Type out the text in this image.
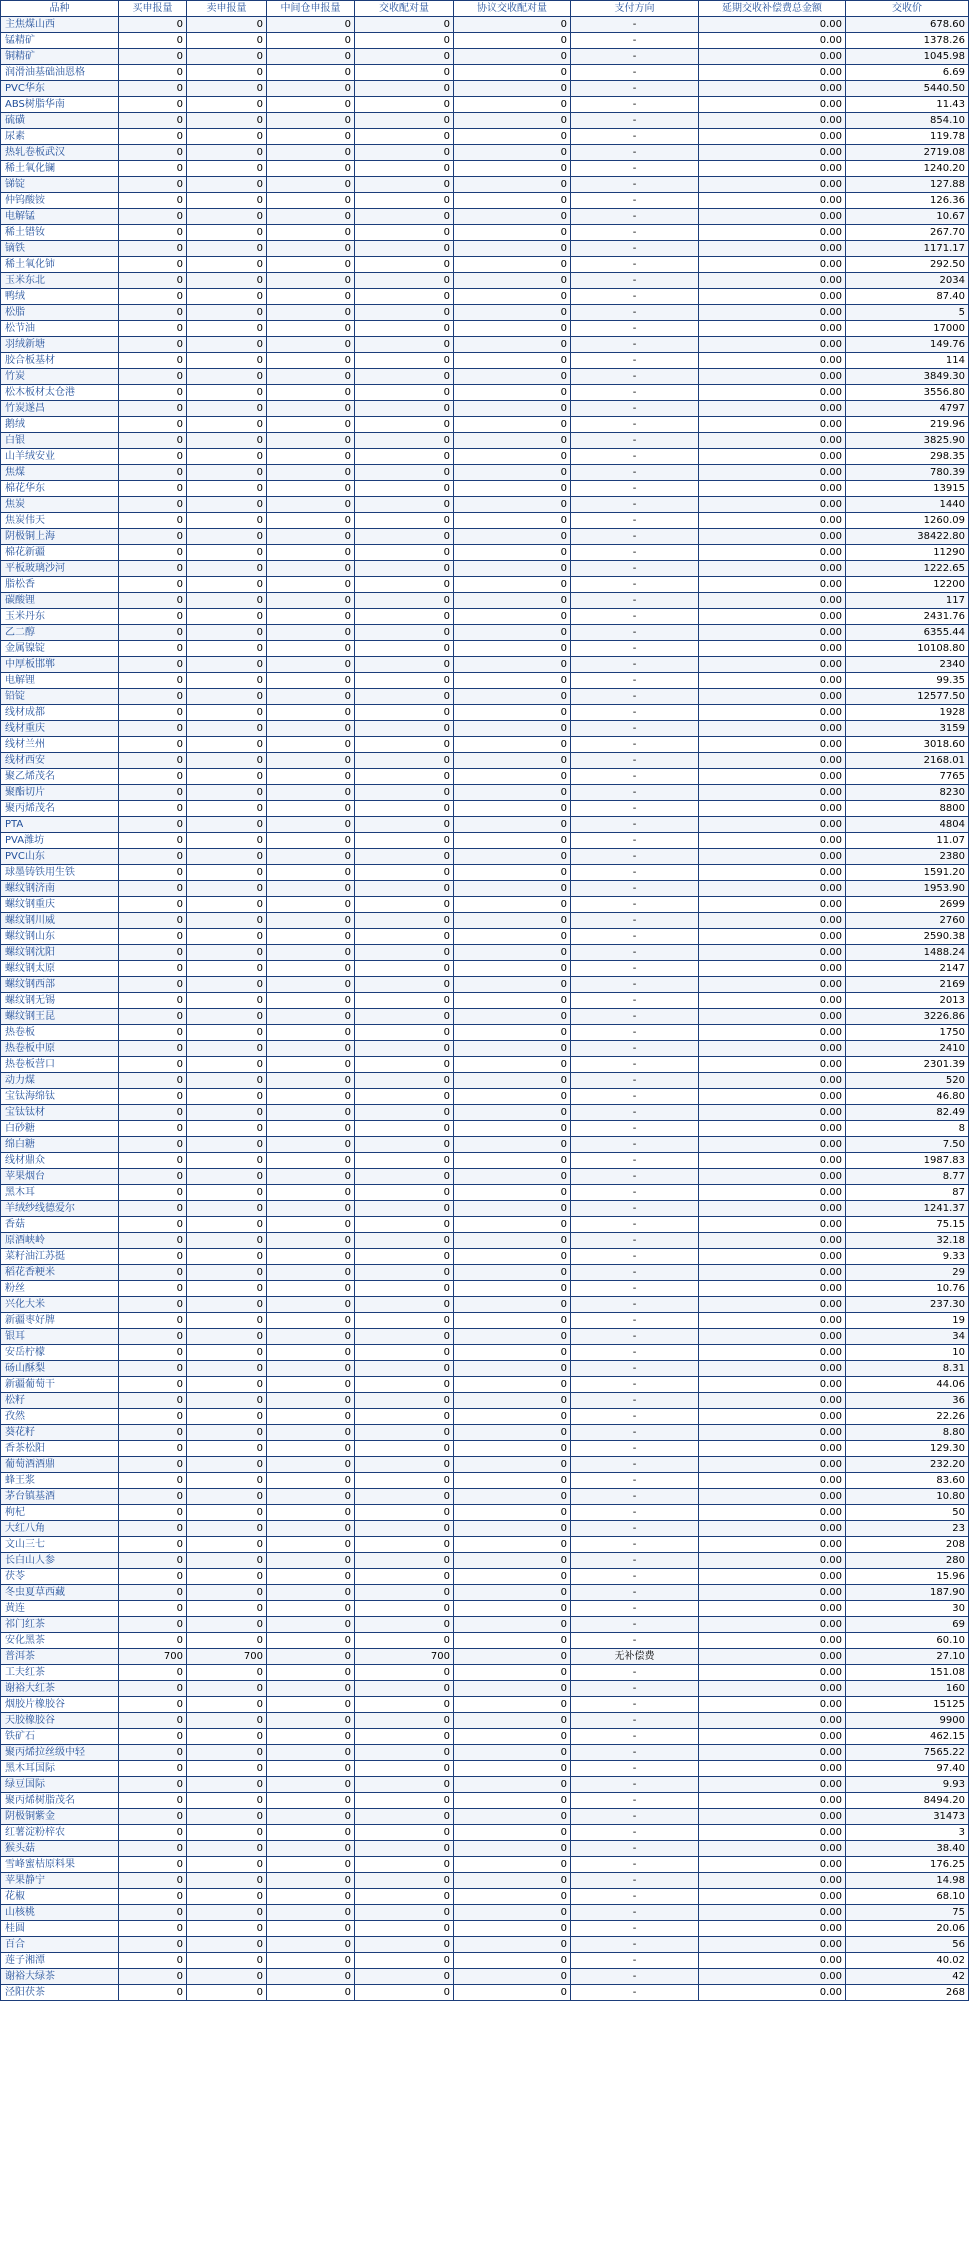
品种	买申报量	卖申报量	中间仓申报量	交收配对量	协议交收配对量	支付方向	延期交收补偿费总金额	交收价
主焦煤山西	0	0	0	0	0	-	0.00	678.60
锰精矿	0	0	0	0	0	-	0.00	1378.26
铜精矿	0	0	0	0	0	-	0.00	1045.98
润滑油基础油恩格	0	0	0	0	0	-	0.00	6.69
PVC华东	0	0	0	0	0	-	0.00	5440.50
ABS树脂华南	0	0	0	0	0	-	0.00	11.43
硫磺	0	0	0	0	0	-	0.00	854.10
尿素	0	0	0	0	0	-	0.00	119.78
热轧卷板武汉	0	0	0	0	0	-	0.00	2719.08
稀土氧化镧	0	0	0	0	0	-	0.00	1240.20
锑锭	0	0	0	0	0	-	0.00	127.88
仲钨酸铵	0	0	0	0	0	-	0.00	126.36
电解锰	0	0	0	0	0	-	0.00	10.67
稀土镨钕	0	0	0	0	0	-	0.00	267.70
镝铁	0	0	0	0	0	-	0.00	1171.17
稀土氧化铈	0	0	0	0	0	-	0.00	292.50
玉米东北	0	0	0	0	0	-	0.00	2034
鸭绒	0	0	0	0	0	-	0.00	87.40
松脂	0	0	0	0	0	-	0.00	5
松节油	0	0	0	0	0	-	0.00	17000
羽绒新塘	0	0	0	0	0	-	0.00	149.76
胶合板基材	0	0	0	0	0	-	0.00	114
竹炭	0	0	0	0	0	-	0.00	3849.30
松木板材太仓港	0	0	0	0	0	-	0.00	3556.80
竹炭遂昌	0	0	0	0	0	-	0.00	4797
鹅绒	0	0	0	0	0	-	0.00	219.96
白银	0	0	0	0	0	-	0.00	3825.90
山羊绒安业	0	0	0	0	0	-	0.00	298.35
焦煤	0	0	0	0	0	-	0.00	780.39
棉花华东	0	0	0	0	0	-	0.00	13915
焦炭	0	0	0	0	0	-	0.00	1440
焦炭伟天	0	0	0	0	0	-	0.00	1260.09
阴极铜上海	0	0	0	0	0	-	0.00	38422.80
棉花新疆	0	0	0	0	0	-	0.00	11290
平板玻璃沙河	0	0	0	0	0	-	0.00	1222.65
脂松香	0	0	0	0	0	-	0.00	12200
碳酸锂	0	0	0	0	0	-	0.00	117
玉米丹东	0	0	0	0	0	-	0.00	2431.76
乙二醇	0	0	0	0	0	-	0.00	6355.44
金属镍锭	0	0	0	0	0	-	0.00	10108.80
中厚板邯郸	0	0	0	0	0	-	0.00	2340
电解锂	0	0	0	0	0	-	0.00	99.35
铅锭	0	0	0	0	0	-	0.00	12577.50
线材成都	0	0	0	0	0	-	0.00	1928
线材重庆	0	0	0	0	0	-	0.00	3159
线材兰州	0	0	0	0	0	-	0.00	3018.60
线材西安	0	0	0	0	0	-	0.00	2168.01
聚乙烯茂名	0	0	0	0	0	-	0.00	7765
聚酯切片	0	0	0	0	0	-	0.00	8230
聚丙烯茂名	0	0	0	0	0	-	0.00	8800
PTA	0	0	0	0	0	-	0.00	4804
PVA潍坊	0	0	0	0	0	-	0.00	11.07
PVC山东	0	0	0	0	0	-	0.00	2380
球墨铸铁用生铁	0	0	0	0	0	-	0.00	1591.20
螺纹钢济南	0	0	0	0	0	-	0.00	1953.90
螺纹钢重庆	0	0	0	0	0	-	0.00	2699
螺纹钢川威	0	0	0	0	0	-	0.00	2760
螺纹钢山东	0	0	0	0	0	-	0.00	2590.38
螺纹钢沈阳	0	0	0	0	0	-	0.00	1488.24
螺纹钢太原	0	0	0	0	0	-	0.00	2147
螺纹钢西部	0	0	0	0	0	-	0.00	2169
螺纹钢无锡	0	0	0	0	0	-	0.00	2013
螺纹钢王昆	0	0	0	0	0	-	0.00	3226.86
热卷板	0	0	0	0	0	-	0.00	1750
热卷板中原	0	0	0	0	0	-	0.00	2410
热卷板营口	0	0	0	0	0	-	0.00	2301.39
动力煤	0	0	0	0	0	-	0.00	520
宝钛海绵钛	0	0	0	0	0	-	0.00	46.80
宝钛钛材	0	0	0	0	0	-	0.00	82.49
白砂糖	0	0	0	0	0	-	0.00	8
绵白糖	0	0	0	0	0	-	0.00	7.50
线材鼎众	0	0	0	0	0	-	0.00	1987.83
苹果烟台	0	0	0	0	0	-	0.00	8.77
黑木耳	0	0	0	0	0	-	0.00	87
羊绒纱线德爱尔	0	0	0	0	0	-	0.00	1241.37
香菇	0	0	0	0	0	-	0.00	75.15
原酒峡岭	0	0	0	0	0	-	0.00	32.18
菜籽油江苏挺	0	0	0	0	0	-	0.00	9.33
稻花香粳米	0	0	0	0	0	-	0.00	29
粉丝	0	0	0	0	0	-	0.00	10.76
兴化大米	0	0	0	0	0	-	0.00	237.30
新疆枣好牌	0	0	0	0	0	-	0.00	19
银耳	0	0	0	0	0	-	0.00	34
安岳柠檬	0	0	0	0	0	-	0.00	10
砀山酥梨	0	0	0	0	0	-	0.00	8.31
新疆葡萄干	0	0	0	0	0	-	0.00	44.06
松籽	0	0	0	0	0	-	0.00	36
孜然	0	0	0	0	0	-	0.00	22.26
葵花籽	0	0	0	0	0	-	0.00	8.80
香茶松阳	0	0	0	0	0	-	0.00	129.30
葡萄酒酒鼎	0	0	0	0	0	-	0.00	232.20
蜂王浆	0	0	0	0	0	-	0.00	83.60
茅台镇基酒	0	0	0	0	0	-	0.00	10.80
枸杞	0	0	0	0	0	-	0.00	50
大红八角	0	0	0	0	0	-	0.00	23
文山三七	0	0	0	0	0	-	0.00	208
长白山人参	0	0	0	0	0	-	0.00	280
茯苓	0	0	0	0	0	-	0.00	15.96
冬虫夏草西藏	0	0	0	0	0	-	0.00	187.90
黄连	0	0	0	0	0	-	0.00	30
祁门红茶	0	0	0	0	0	-	0.00	69
安化黑茶	0	0	0	0	0	-	0.00	60.10
普洱茶	700	700	0	700	0	无补偿费	0.00	27.10
工夫红茶	0	0	0	0	0	-	0.00	151.08
谢裕大红茶	0	0	0	0	0	-	0.00	160
烟胶片橡胶谷	0	0	0	0	0	-	0.00	15125
天胶橡胶谷	0	0	0	0	0	-	0.00	9900
铁矿石	0	0	0	0	0	-	0.00	462.15
聚丙烯拉丝级中轻	0	0	0	0	0	-	0.00	7565.22
黑木耳国际	0	0	0	0	0	-	0.00	97.40
绿豆国际	0	0	0	0	0	-	0.00	9.93
聚丙烯树脂茂名	0	0	0	0	0	-	0.00	8494.20
阴极铜紫金	0	0	0	0	0	-	0.00	31473
红薯淀粉梓农	0	0	0	0	0	-	0.00	3
猴头菇	0	0	0	0	0	-	0.00	38.40
雪峰蜜桔原料果	0	0	0	0	0	-	0.00	176.25
苹果静宁	0	0	0	0	0	-	0.00	14.98
花椒	0	0	0	0	0	-	0.00	68.10
山核桃	0	0	0	0	0	-	0.00	75
桂圆	0	0	0	0	0	-	0.00	20.06
百合	0	0	0	0	0	-	0.00	56
莲子湘潭	0	0	0	0	0	-	0.00	40.02
谢裕大绿茶	0	0	0	0	0	-	0.00	42
泾阳茯茶	0	0	0	0	0	-	0.00	268
